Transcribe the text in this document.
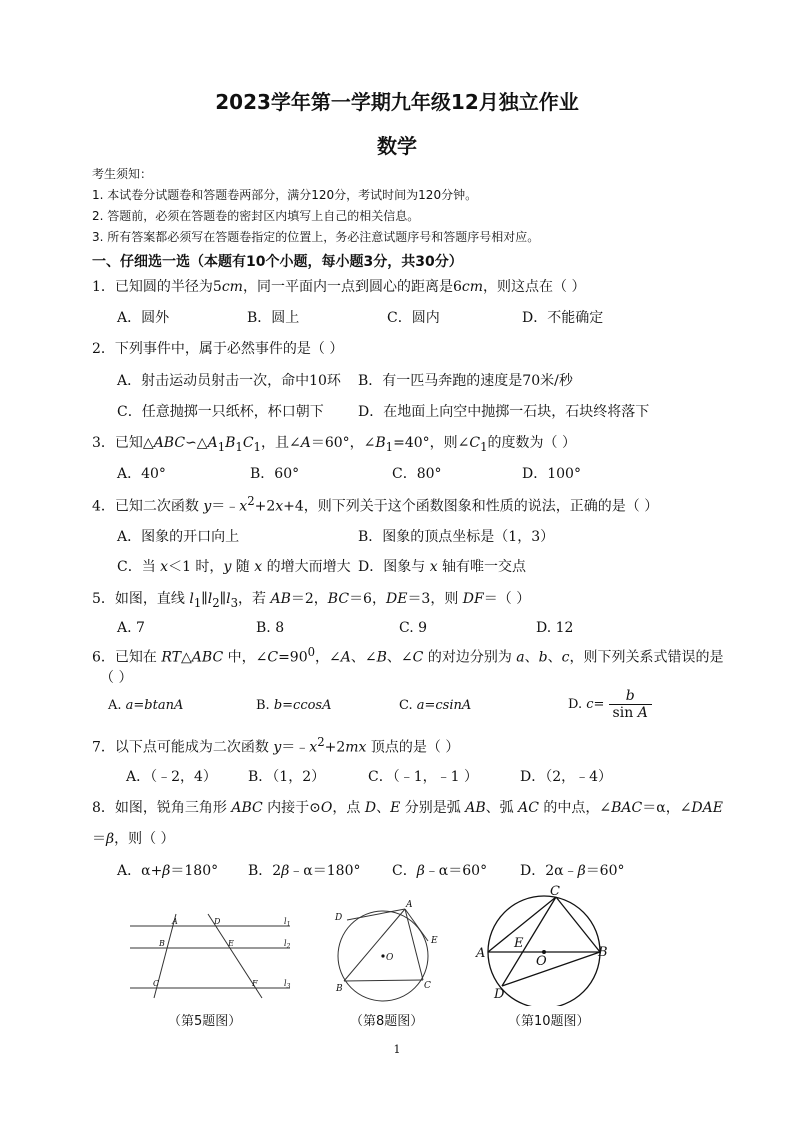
2023学年第一学期九年级12月独立作业
数学
考生须知：
1. 本试卷分试题卷和答题卷两部分，满分120分，考试时间为120分钟。
2. 答题前，必须在答题卷的密封区内填写上自己的相关信息。
3. 所有答案都必须写在答题卷指定的位置上，务必注意试题序号和答题序号相对应。
一、仔细选一选（本题有10个小题，每小题3分，共30分）
1．已知圆的半径为5cm，同一平面内一点到圆心的距离是6cm，则这点在（ ）
A．圆外	B．圆上	C．圆内	D．不能确定
2．下列事件中，属于必然事件的是（ ）
A．射击运动员射击一次，命中10环 B．有一匹马奔跑的速度是70米/秒
C．任意抛掷一只纸杯，杯口朝下 D．在地面上向空中抛掷一石块，石块终将落下
3．已知$\triangle ABC∽\triangle A_1B_1C_1$，且∠A＝60°，$\angle B_1=40^\circ$，则$\angle C_1$的度数为（ ）
A．40°	B．60°	C．80°	D．100°
4．已知二次函数 $y=﹣x^2+2x+4$，则下列关于这个函数图象和性质的说法，正确的是（ ）
A．图象的开口向上	B．图象的顶点坐标是（1，3）
C．当 x＜1 时，y 随 x 的增大而增大 D．图象与 x 轴有唯一交点
5．如图，直线 $l_1\parallel l_2\parallel l_3$，若 AB＝2，BC＝6，DE＝3，则 DF＝（ ）
A. 7	B. 8	C. 9	D. 12
6．已知在 RT△ABC 中，$\angle C=90^0$，∠A、∠B、∠C 的对边分别为 a、b、c，则下列关系式错误的是
（ ）
A. a=btanA	B. b=ccosA	C. a=csinA	D. $c= \frac{b}{\text{sin A}}$
7．以下点可能成为二次函数 $y=﹣x^2+2mx$ 顶点的是（ ）
A．（﹣2，4） B．（1，2）	C．（﹣1，﹣1 ）	D．（2，﹣4）
8．如图，锐角三角形 ABC 内接于⊙O，点 D、E 分别是弧 AB、弧 AC 的中点，∠BAC＝α，∠DAE
＝β，则（ ）
A．α+β＝180° B．2β﹣α＝180° C．β﹣α＝60° D．2α﹣β＝60°
A
B
C
D
E
F
$l_1$
$l_2$
$l_3$
A
B	C
D
E
O
C
A	B
E
O
D
（第5题图）	（第8题图）	（第10题图）
1
